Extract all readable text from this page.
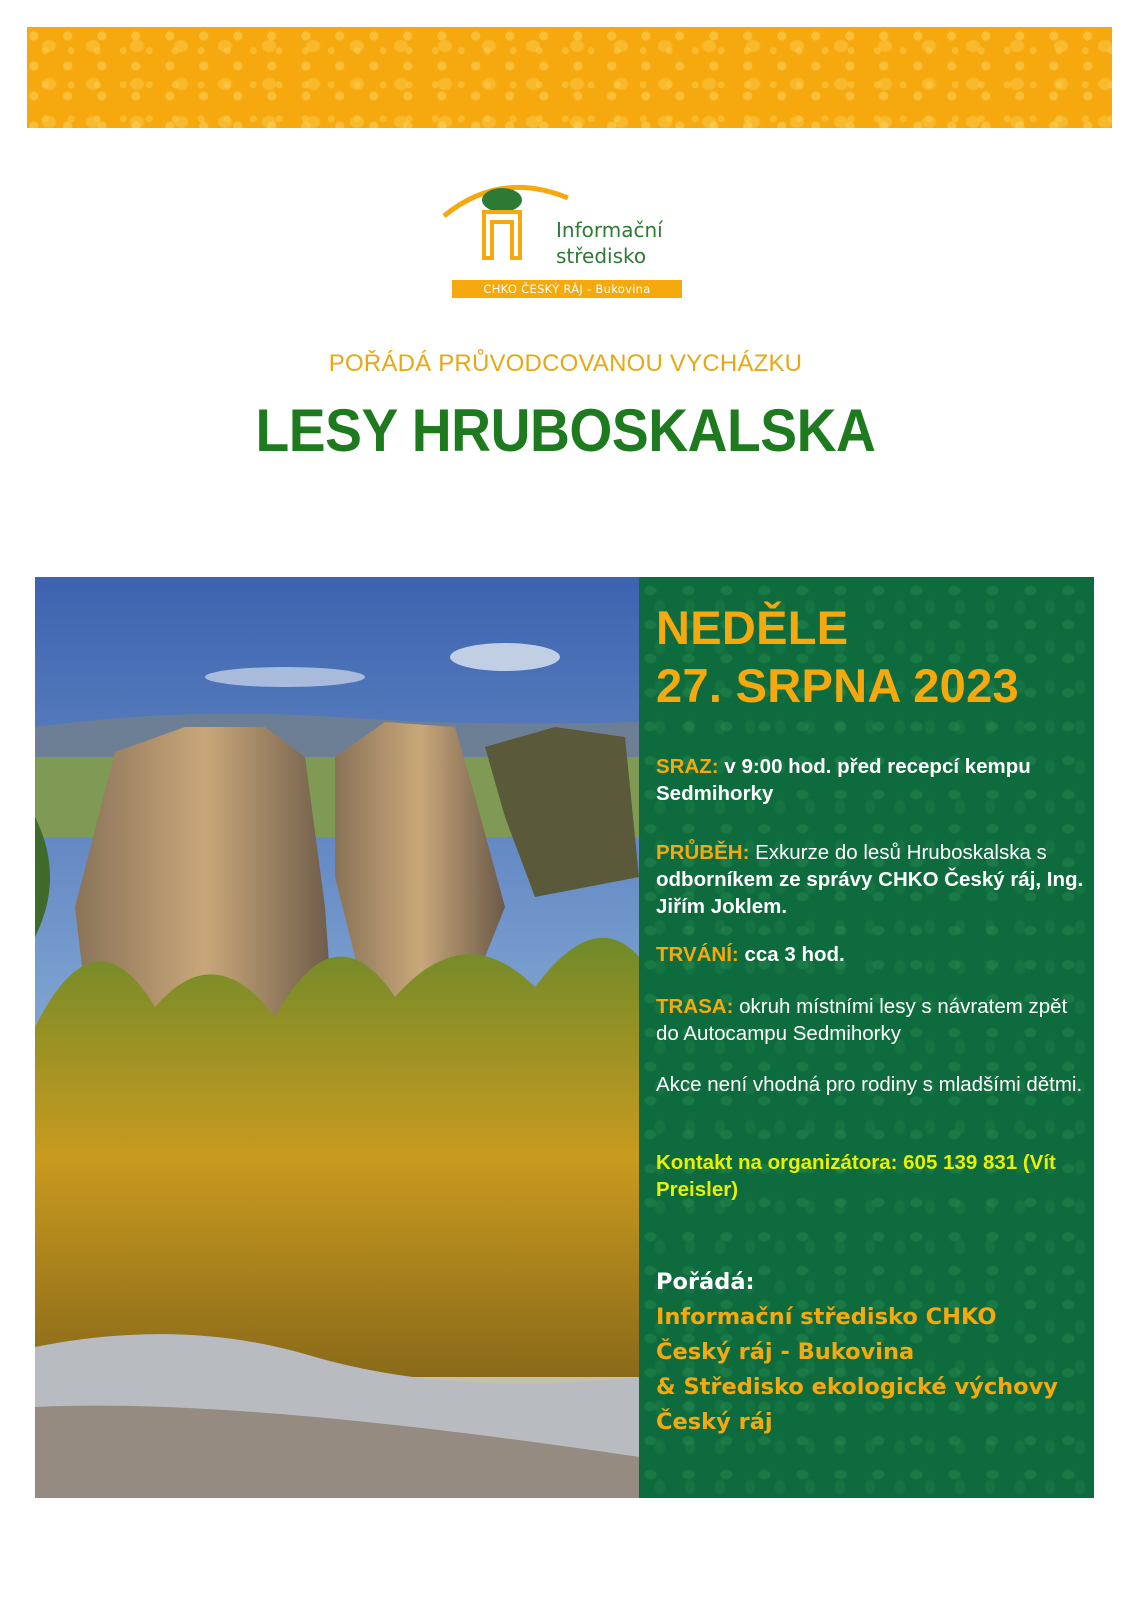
Informační
středisko
CHKO ČESKÝ RÁJ - Bukovina
POŘÁDÁ PRŮVODCOVANOU VYCHÁZKU
LESY HRUBOSKALSKA
NEDĚLE
27. SRPNA 2023
SRAZ: v 9:00 hod. před recepcí kempu Sedmihorky
PRŮBĚH: Exkurze do lesů Hruboskalska s odborníkem ze správy CHKO Český ráj, Ing. Jiřím Joklem.
TRVÁNÍ: cca 3 hod.
TRASA: okruh místními lesy s návratem zpět do Autocampu Sedmihorky
Akce není vhodná pro rodiny s mladšími dětmi.
Kontakt na organizátora: 605 139 831 (Vít Preisler)
Pořádá:
Informační středisko CHKO
Český ráj - Bukovina
& Středisko ekologické výchovy
Český ráj
